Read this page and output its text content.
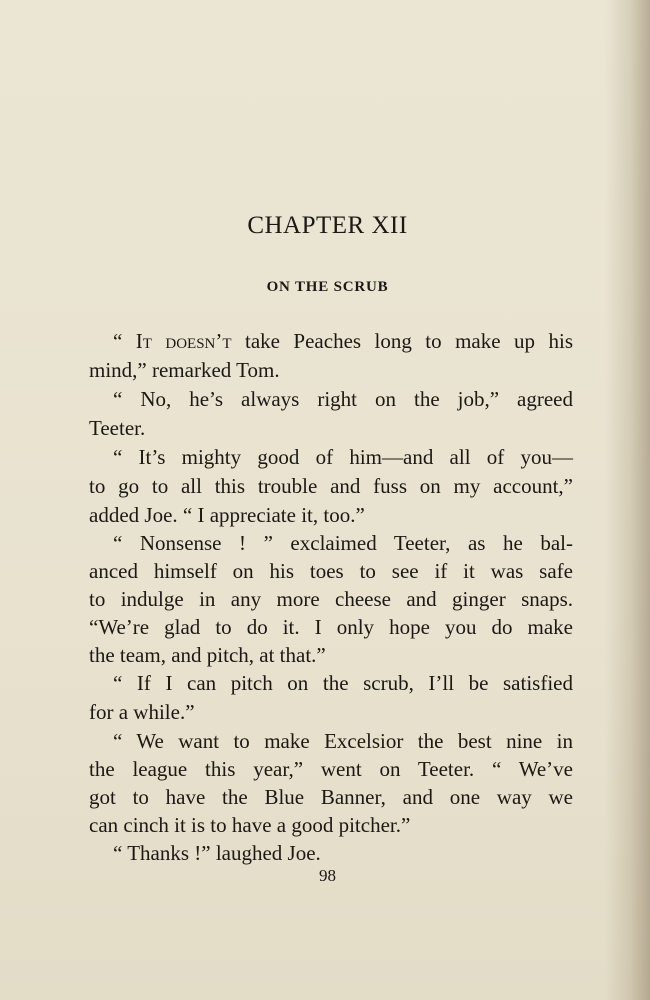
CHAPTER XII
ON THE SCRUB
“ It doesn’t take Peaches long to make up his
mind,” remarked Tom.
“ No, he’s always right on the job,” agreed
Teeter.
“ It’s mighty good of him—and all of you—
to go to all this trouble and fuss on my account,”
added Joe. “ I appreciate it, too.”
“ Nonsense ! ” exclaimed Teeter, as he bal-
anced himself on his toes to see if it was safe
to indulge in any more cheese and ginger snaps.
“We’re glad to do it. I only hope you do make
the team, and pitch, at that.”
“ If I can pitch on the scrub, I’ll be satisfied
for a while.”
“ We want to make Excelsior the best nine in
the league this year,” went on Teeter. “ We’ve
got to have the Blue Banner, and one way we
can cinch it is to have a good pitcher.”
“ Thanks !” laughed Joe.
98
